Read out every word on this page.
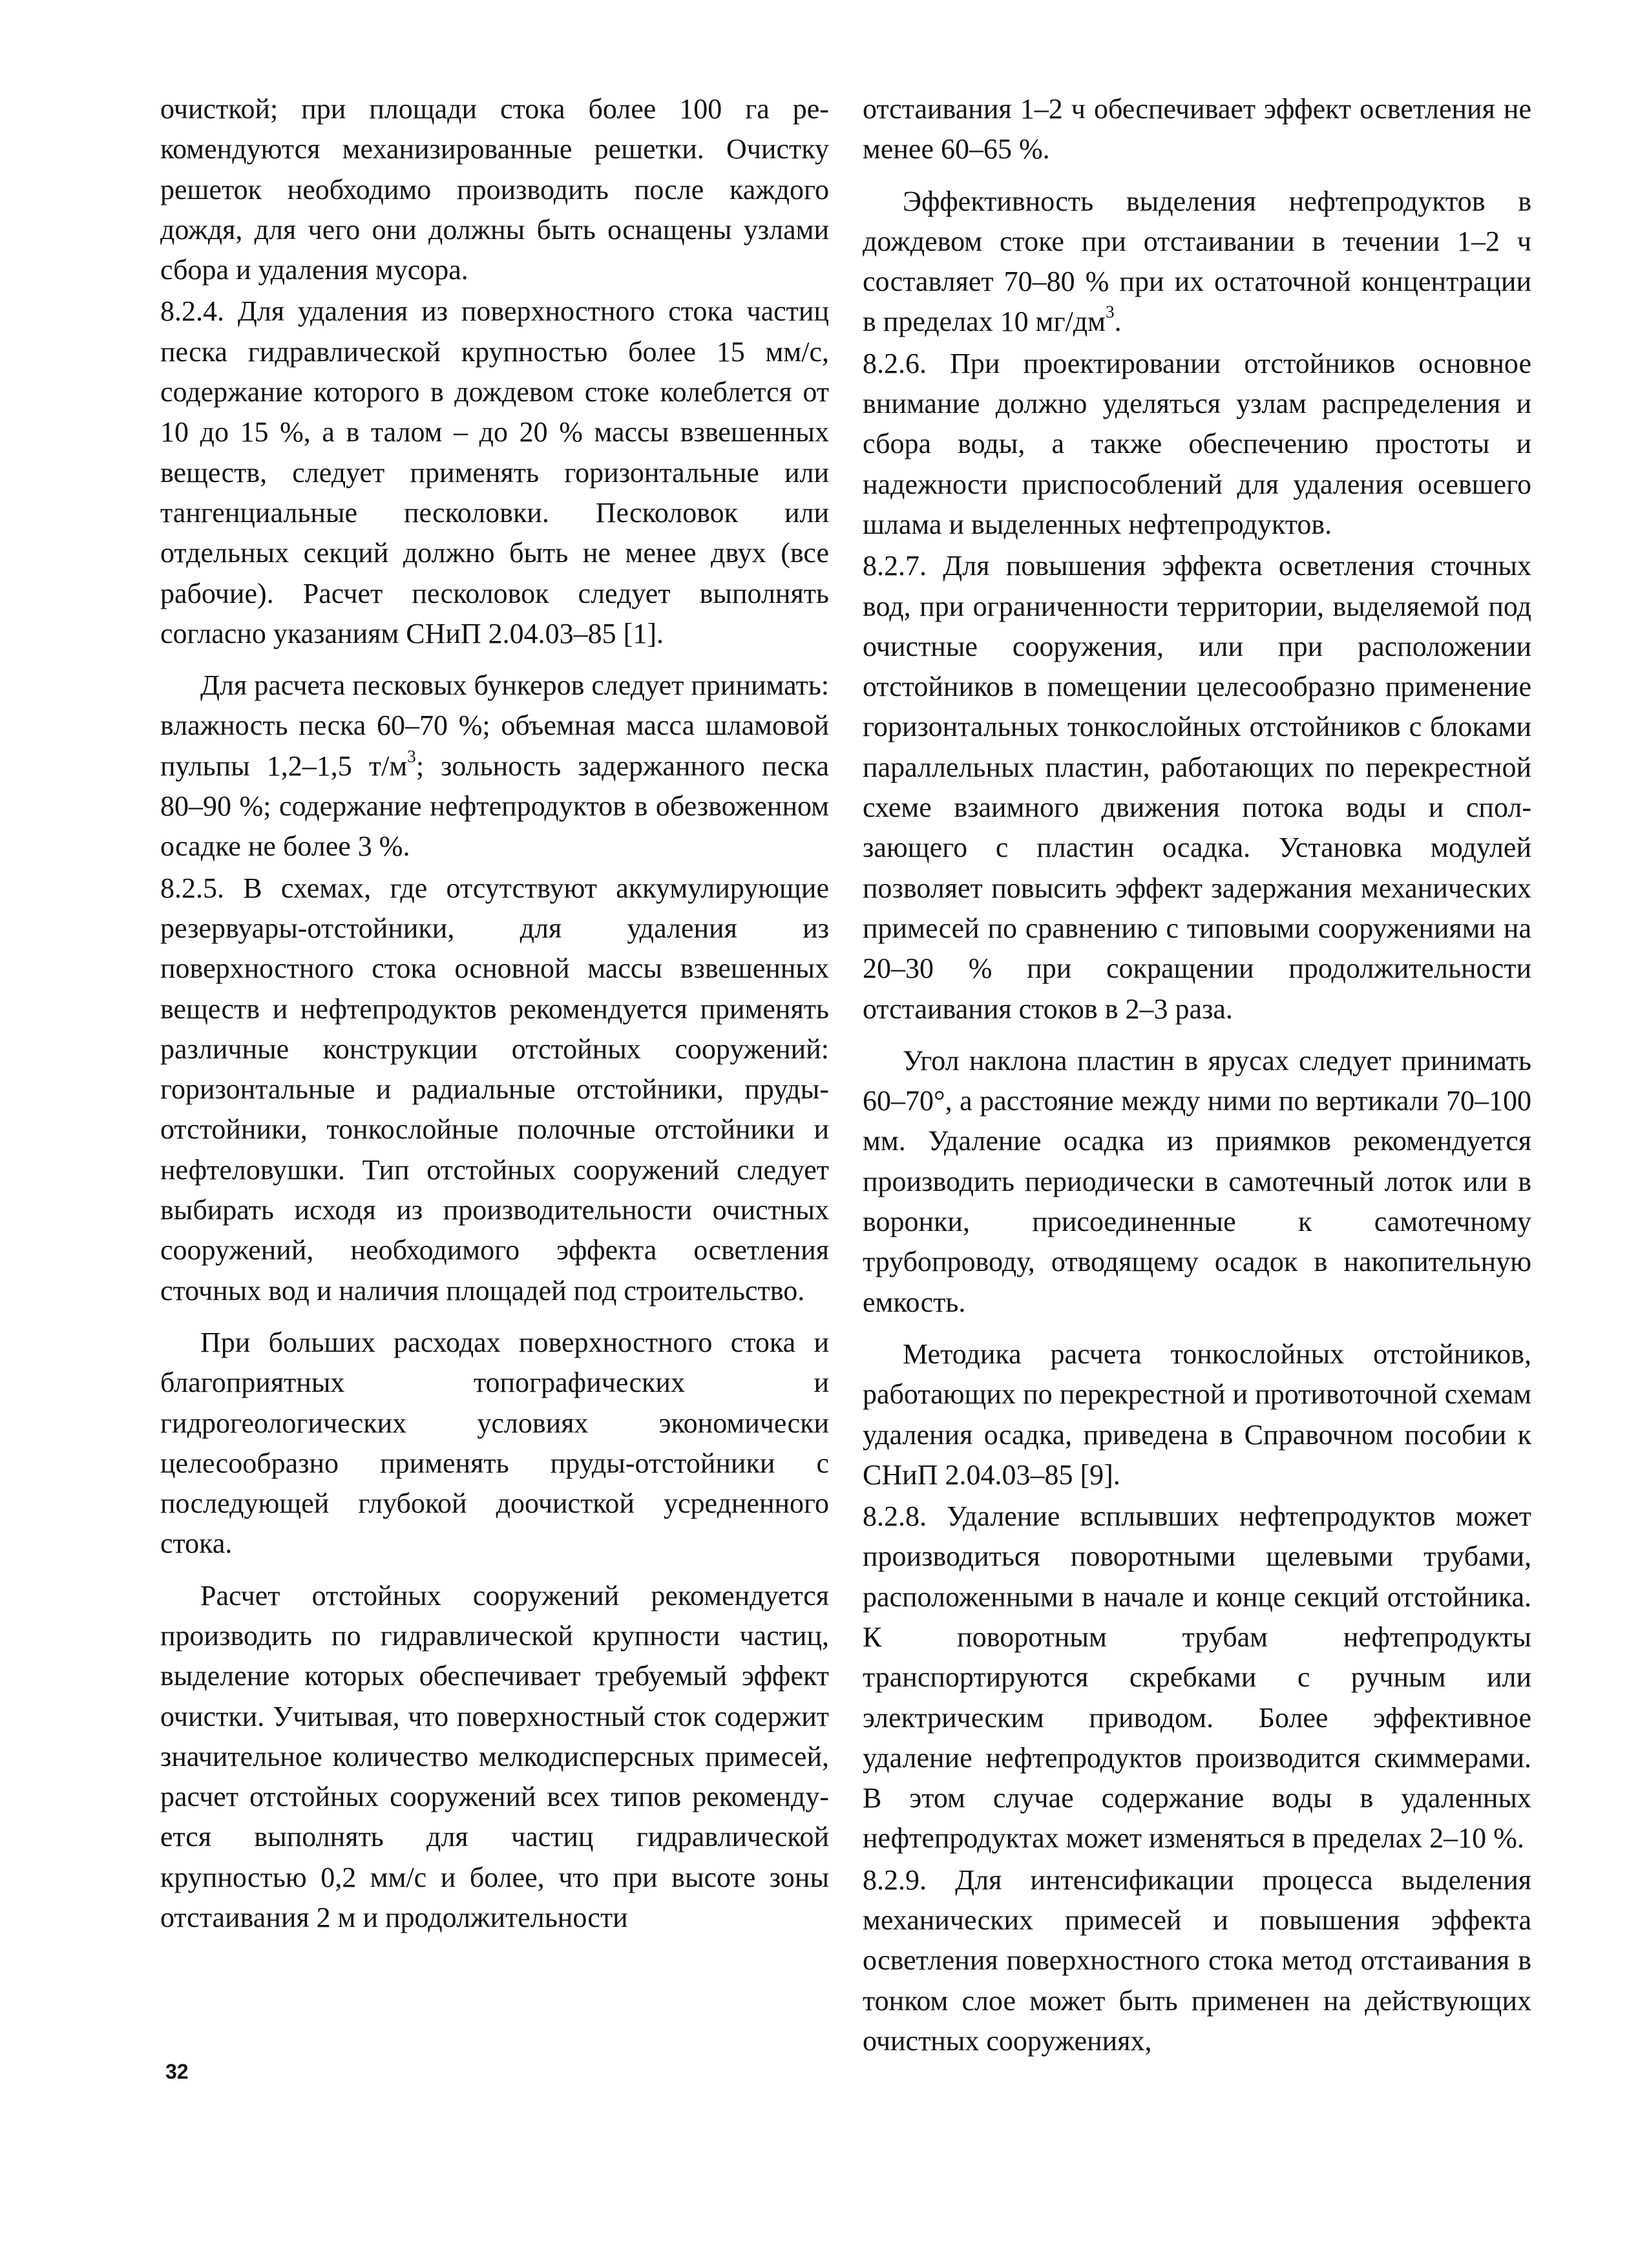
очисткой; при площади стока более 100 га рекомендуются механизированные решетки. Очистку решеток необходимо производить после каждого дождя, для чего они должны быть оснащены узлами сбора и удаления мусора.

8.2.4. Для удаления из поверхностного стока частиц песка гидравлической крупностью более 15 мм/с, содержание которого в дождевом стоке колеблется от 10 до 15 %, а в талом – до 20 % массы взвешенных веществ, следует применять горизонтальные или тангенциальные песколовки. Песколовок или отдельных секций должно быть не менее двух (все рабочие). Расчет песколовок следует выполнять согласно указаниям СНиП 2.04.03–85 [1].

Для расчета песковых бункеров следует принимать: влажность песка 60–70 %; объемная масса шламовой пульпы 1,2–1,5 $т/м^3$; зольность задержанного песка 80–90 %; содержание нефтепродуктов в обезвоженном осадке не более 3 %.

8.2.5. В схемах, где отсутствуют аккумулирующие резервуары-отстойники, для удаления из поверхностного стока основной массы взвешенных веществ и нефтепродуктов рекомендуется применять различные конструкции отстойных сооружений: горизонтальные и радиальные отстойники, пруды-отстойники, тонкослойные полочные отстойники и нефтеловушки. Тип отстойных сооружений следует выбирать исходя из производительности очистных сооружений, необходимого эффекта осветления сточных вод и наличия площадей под строительство.

При больших расходах поверхностного стока и благоприятных топографических и гидрогеологических условиях экономически целесообразно применять пруды-отстойники с последующей глубокой доочисткой усредненного стока.

Расчет отстойных сооружений рекомендуется производить по гидравлической крупности частиц, выделение которых обеспечивает требуемый эффект очистки. Учитывая, что поверхностный сток содержит значительное количество мелкодисперсных примесей, расчет отстойных сооружений всех типов рекомендуется выполнять для частиц гидравлической крупностью 0,2 мм/с и более, что при высоте зоны отстаивания 2 м и продолжительности

отстаивания 1–2 ч обеспечивает эффект осветления не менее 60–65 %.

Эффективность выделения нефтепродуктов в дождевом стоке при отстаивании в течении 1–2 ч составляет 70–80 % при их остаточной концентрации в пределах 10 $мг/дм^3$.

8.2.6. При проектировании отстойников основное внимание должно уделяться узлам распределения и сбора воды, а также обеспечению простоты и надежности приспособлений для удаления осевшего шлама и выделенных нефтепродуктов.

8.2.7. Для повышения эффекта осветления сточных вод, при ограниченности территории, выделяемой под очистные сооружения, или при расположении отстойников в помещении целесообразно применение горизонтальных тонкослойных отстойников с блоками параллельных пластин, работающих по перекрестной схеме взаимного движения потока воды и сползающего с пластин осадка. Установка модулей позволяет повысить эффект задержания механических примесей по сравнению с типовыми сооружениями на 20–30 % при сокращении продолжительности отстаивания стоков в 2–3 раза.

Угол наклона пластин в ярусах следует принимать 60–70°, а расстояние между ними по вертикали 70–100 мм. Удаление осадка из приямков рекомендуется производить периодически в самотечный лоток или в воронки, присоединенные к самотечному трубопроводу, отводящему осадок в накопительную емкость.

Методика расчета тонкослойных отстойников, работающих по перекрестной и противоточной схемам удаления осадка, приведена в Справочном пособии к СНиП 2.04.03–85 [9].

8.2.8. Удаление всплывших нефтепродуктов может производиться поворотными щелевыми трубами, расположенными в начале и конце секций отстойника. К поворотным трубам нефтепродукты транспортируются скребками с ручным или электрическим приводом. Более эффективное удаление нефтепродуктов производится скиммерами. В этом случае содержание воды в удаленных нефтепродуктах может изменяться в пределах 2–10 %.

8.2.9. Для интенсификации процесса выделения механических примесей и повышения эффекта осветления поверхностного стока метод отстаивания в тонком слое может быть применен на действующих очистных сооружениях,

32
